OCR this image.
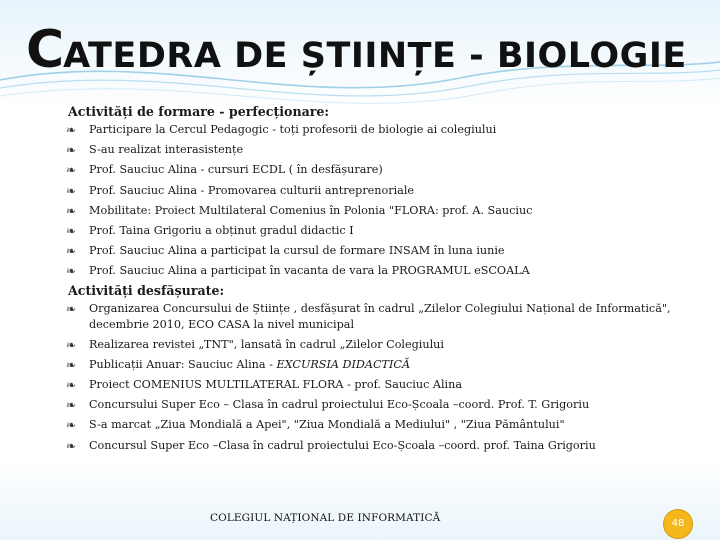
CATEDRA DE ȘTIINȚE - BIOLOGIE
Activități de formare - perfecționare:
❧	Participare la Cercul Pedagogic - toți profesorii de biologie ai colegiului
❧	S-au realizat interasistențe
❧	Prof. Sauciuc Alina - cursuri ECDL ( în desfășurare)
❧	Prof. Sauciuc Alina - Promovarea culturii antreprenoriale
❧	Mobilitate: Proiect Multilateral Comenius în Polonia "FLORA: prof. A. Sauciuc
❧	Prof. Taina Grigoriu a obținut gradul didactic I
❧	Prof. Sauciuc Alina a participat la cursul de formare INSAM în luna iunie
❧	Prof. Sauciuc Alina a participat în vacanta de vara la PROGRAMUL eSCOALA
Activități desfășurate:
❧	Organizarea Concursului de Științe , desfășurat în cadrul „Zilelor Colegiului Național de Informatică", decembrie 2010, ECO CASA la nivel municipal
❧	Realizarea revistei „TNT", lansată în cadrul „Zilelor Colegiului
❧	Publicații Anuar: Sauciuc Alina - EXCURSIA DIDACTICĂ
❧	Proiect COMENIUS MULTILATERAL FLORA - prof. Sauciuc Alina
❧	Concursului Super Eco – Clasa în cadrul proiectului Eco-Școala –coord. Prof. T. Grigoriu
❧	S-a marcat „Ziua Mondială a Apei", "Ziua Mondială a Mediului" , "Ziua Pământului"
❧	Concursul Super Eco –Clasa în cadrul proiectului Eco-Școala –coord. prof. Taina Grigoriu
COLEGIUL NAȚIONAL DE INFORMATICĂ	48
